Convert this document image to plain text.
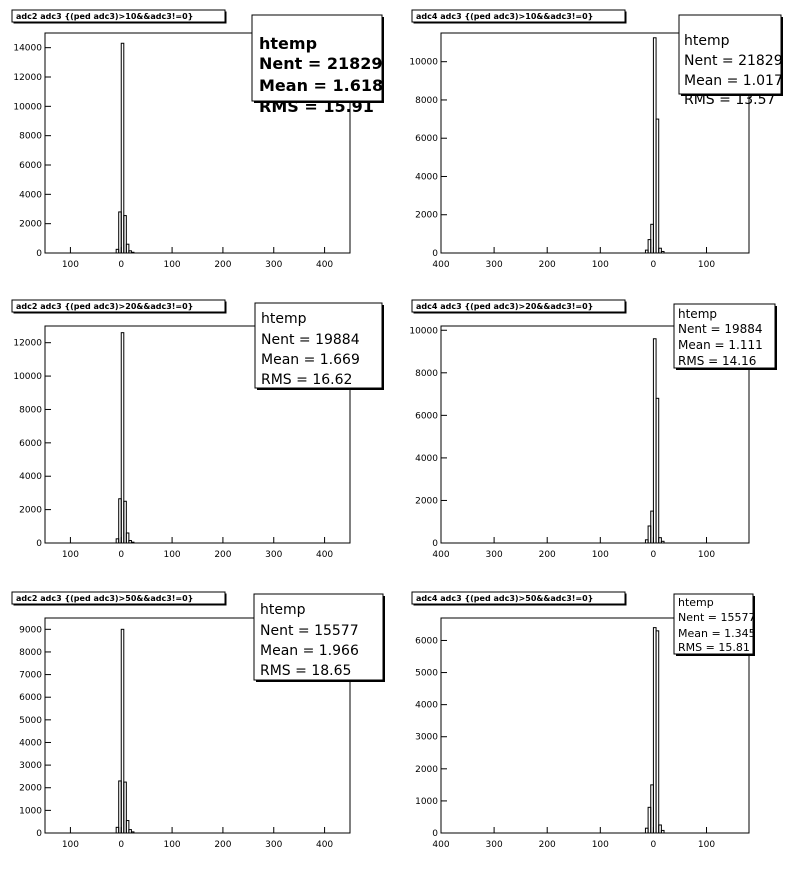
0
2000
4000
6000
8000
10000
12000
14000
100	0	100	200	300	400
adc2 adc3 {(ped adc3)>10&&adc3!=0}
htemp
Nent = 21829
Mean = 1.618
RMS = 15.91
0
2000
4000
6000
8000
10000
400	300	200	100	0	100
adc4 adc3 {(ped adc3)>10&&adc3!=0}
htemp
Nent = 21829
Mean = 1.017
RMS = 13.57
0
2000
4000
6000
8000
10000
12000
100	0	100	200	300	400
adc2 adc3 {(ped adc3)>20&&adc3!=0}
htemp
Nent = 19884
Mean = 1.669
RMS = 16.62
0
2000
4000
6000
8000
10000
400	300	200	100	0	100
adc4 adc3 {(ped adc3)>20&&adc3!=0}
htemp
Nent = 19884
Mean = 1.111
RMS = 14.16
0
1000
2000
3000
4000
5000
6000
7000
8000
9000
100	0	100	200	300	400
adc2 adc3 {(ped adc3)>50&&adc3!=0}
htemp
Nent = 15577
Mean = 1.966
RMS = 18.65
0
1000
2000
3000
4000
5000
6000
400	300	200	100	0	100
adc4 adc3 {(ped adc3)>50&&adc3!=0}	htemp
Nent = 15577
Mean = 1.345
RMS = 15.81
